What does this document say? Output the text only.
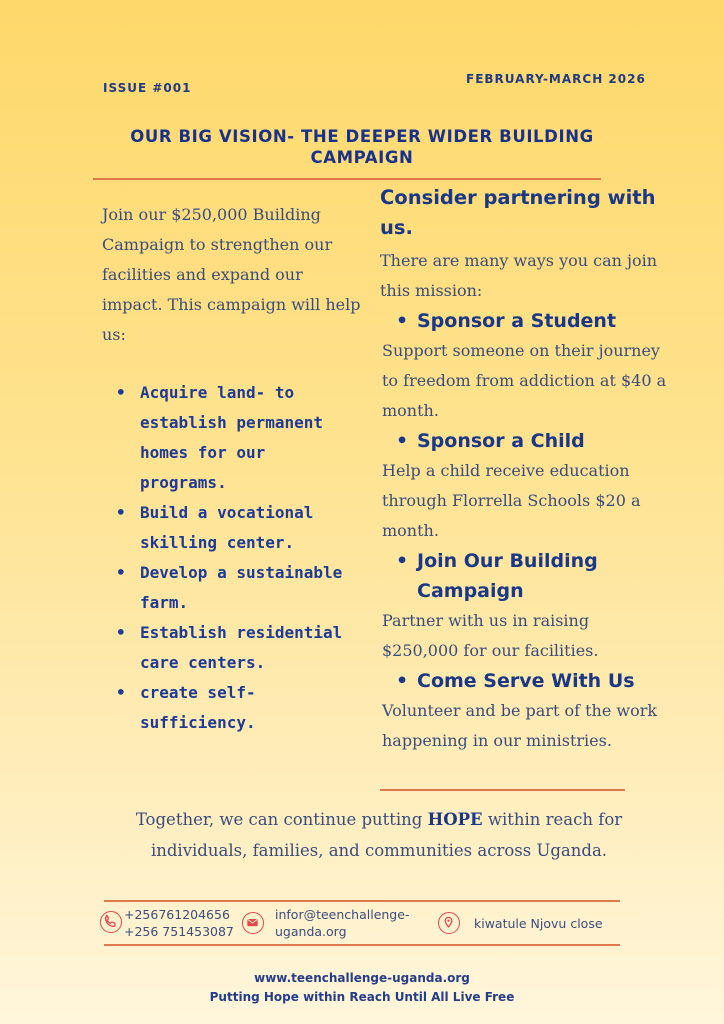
ISSUE #001
FEBRUARY-MARCH 2026
OUR BIG VISION- THE DEEPER WIDER BUILDING CAMPAIGN
Join our $250,000 Building Campaign to strengthen our facilities and expand our impact. This campaign will help us:
• Acquire land- to establish permanent homes for our programs.
• Build a vocational skilling center.
• Develop a sustainable farm.
• Establish residential care centers.
• create self-sufficiency.
Consider partnering with us.
There are many ways you can join this mission:
• Sponsor a Student
Support someone on their journey to freedom from addiction at $40 a month.
• Sponsor a Child
Help a child receive education through Florrella Schools $20 a month.
• Join Our Building Campaign
Partner with us in raising $250,000 for our facilities.
• Come Serve With Us
Volunteer and be part of the work happening in our ministries.
Together, we can continue putting HOPE within reach for individuals, families, and communities across Uganda.
+256761204656
+256 751453087
infor@teenchallenge-uganda.org
kiwatule Njovu close
www.teenchallenge-uganda.org
Putting Hope within Reach Until All Live Free
